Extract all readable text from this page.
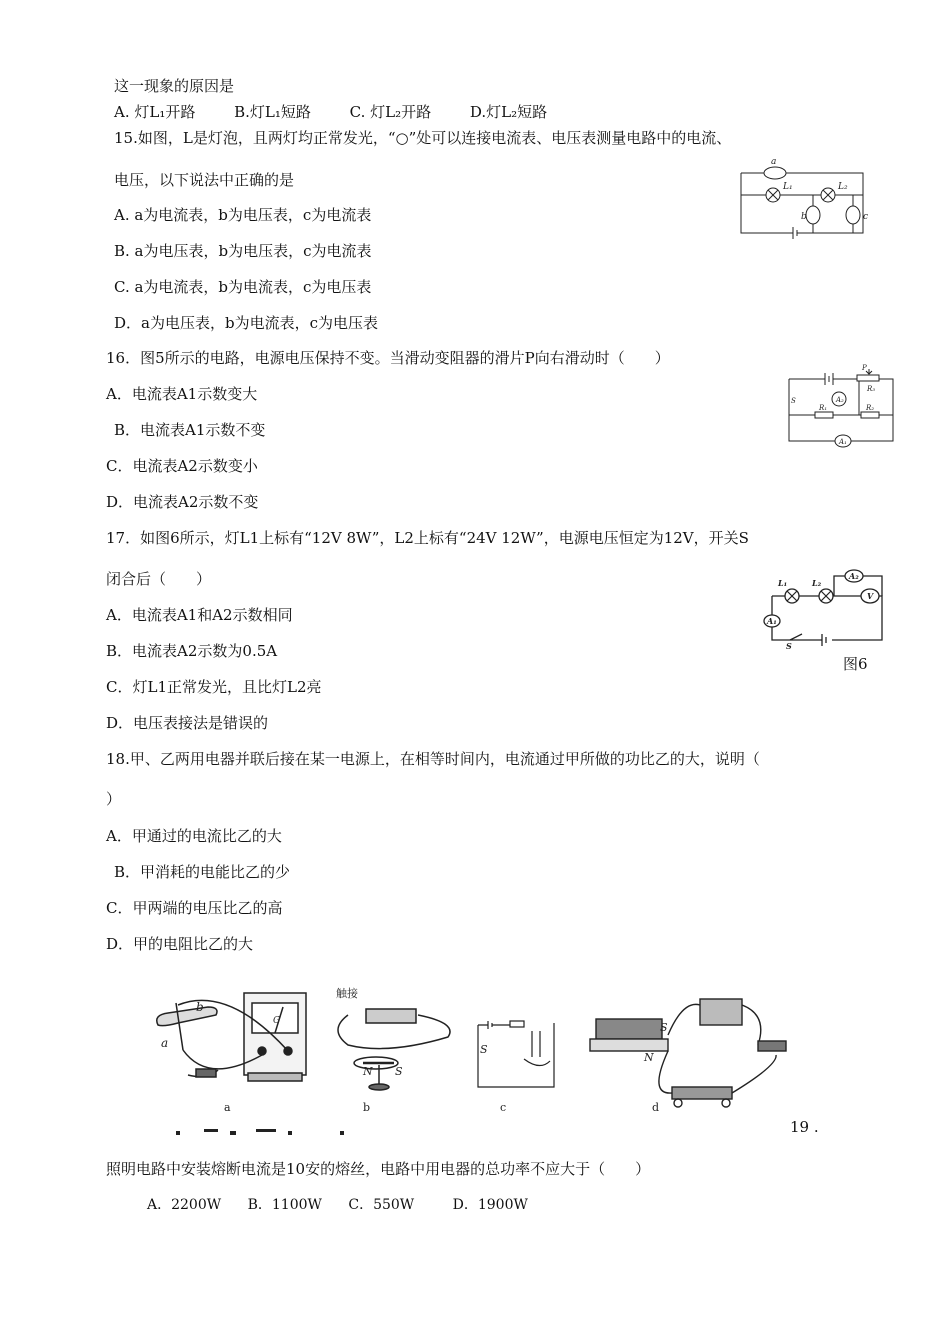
这一现象的原因是
A. 灯L₁开路	B.灯L₁短路	C. 灯L₂开路	D.灯L₂短路
15.如图，L是灯泡，且两灯均正常发光，“○”处可以连接电流表、电压表测量电路中的电流、
电压，以下说法中正确的是
A. a为电流表，b为电压表，c为电流表
B. a为电压表，b为电压表，c为电流表
C. a为电流表，b为电流表，c为电压表
D．a为电压表，b为电流表，c为电压表
a
L₁	L₂
b	c
16．图5所示的电路，电源电压保持不变。当滑动变阻器的滑片P向右滑动时（　　）
A．电流表A1示数变大
B．电流表A1示数不变
C．电流表A2示数变小
D．电流表A2示数不变
P
S
R₃
R₁	R₂
A₂
A₁
17．如图6所示，灯L1上标有“12V 8W”，L2上标有“24V 12W”，电源电压恒定为12V，开关S
闭合后（　　）
A．电流表A1和A2示数相同
B．电流表A2示数为0.5A
C．灯L1正常发光，且比灯L2亮
D．电压表接法是错误的
L₁	L₂
A₂
V
A₁
S
图6
18.甲、乙两用电器并联后接在某一电源上，在相等时间内，电流通过甲所做的功比乙的大，说明（
）
A．甲通过的电流比乙的大
B．甲消耗的电能比乙的少
C．甲两端的电压比乙的高
D．甲的电阻比乙的大
a
b
G
触接
N S
S
S
N
a	b	c	d
19 .
照明电路中安装熔断电流是10安的熔丝，电路中用电器的总功率不应大于（　　）
A．2200W B．1100W C．550W	D．1900W
